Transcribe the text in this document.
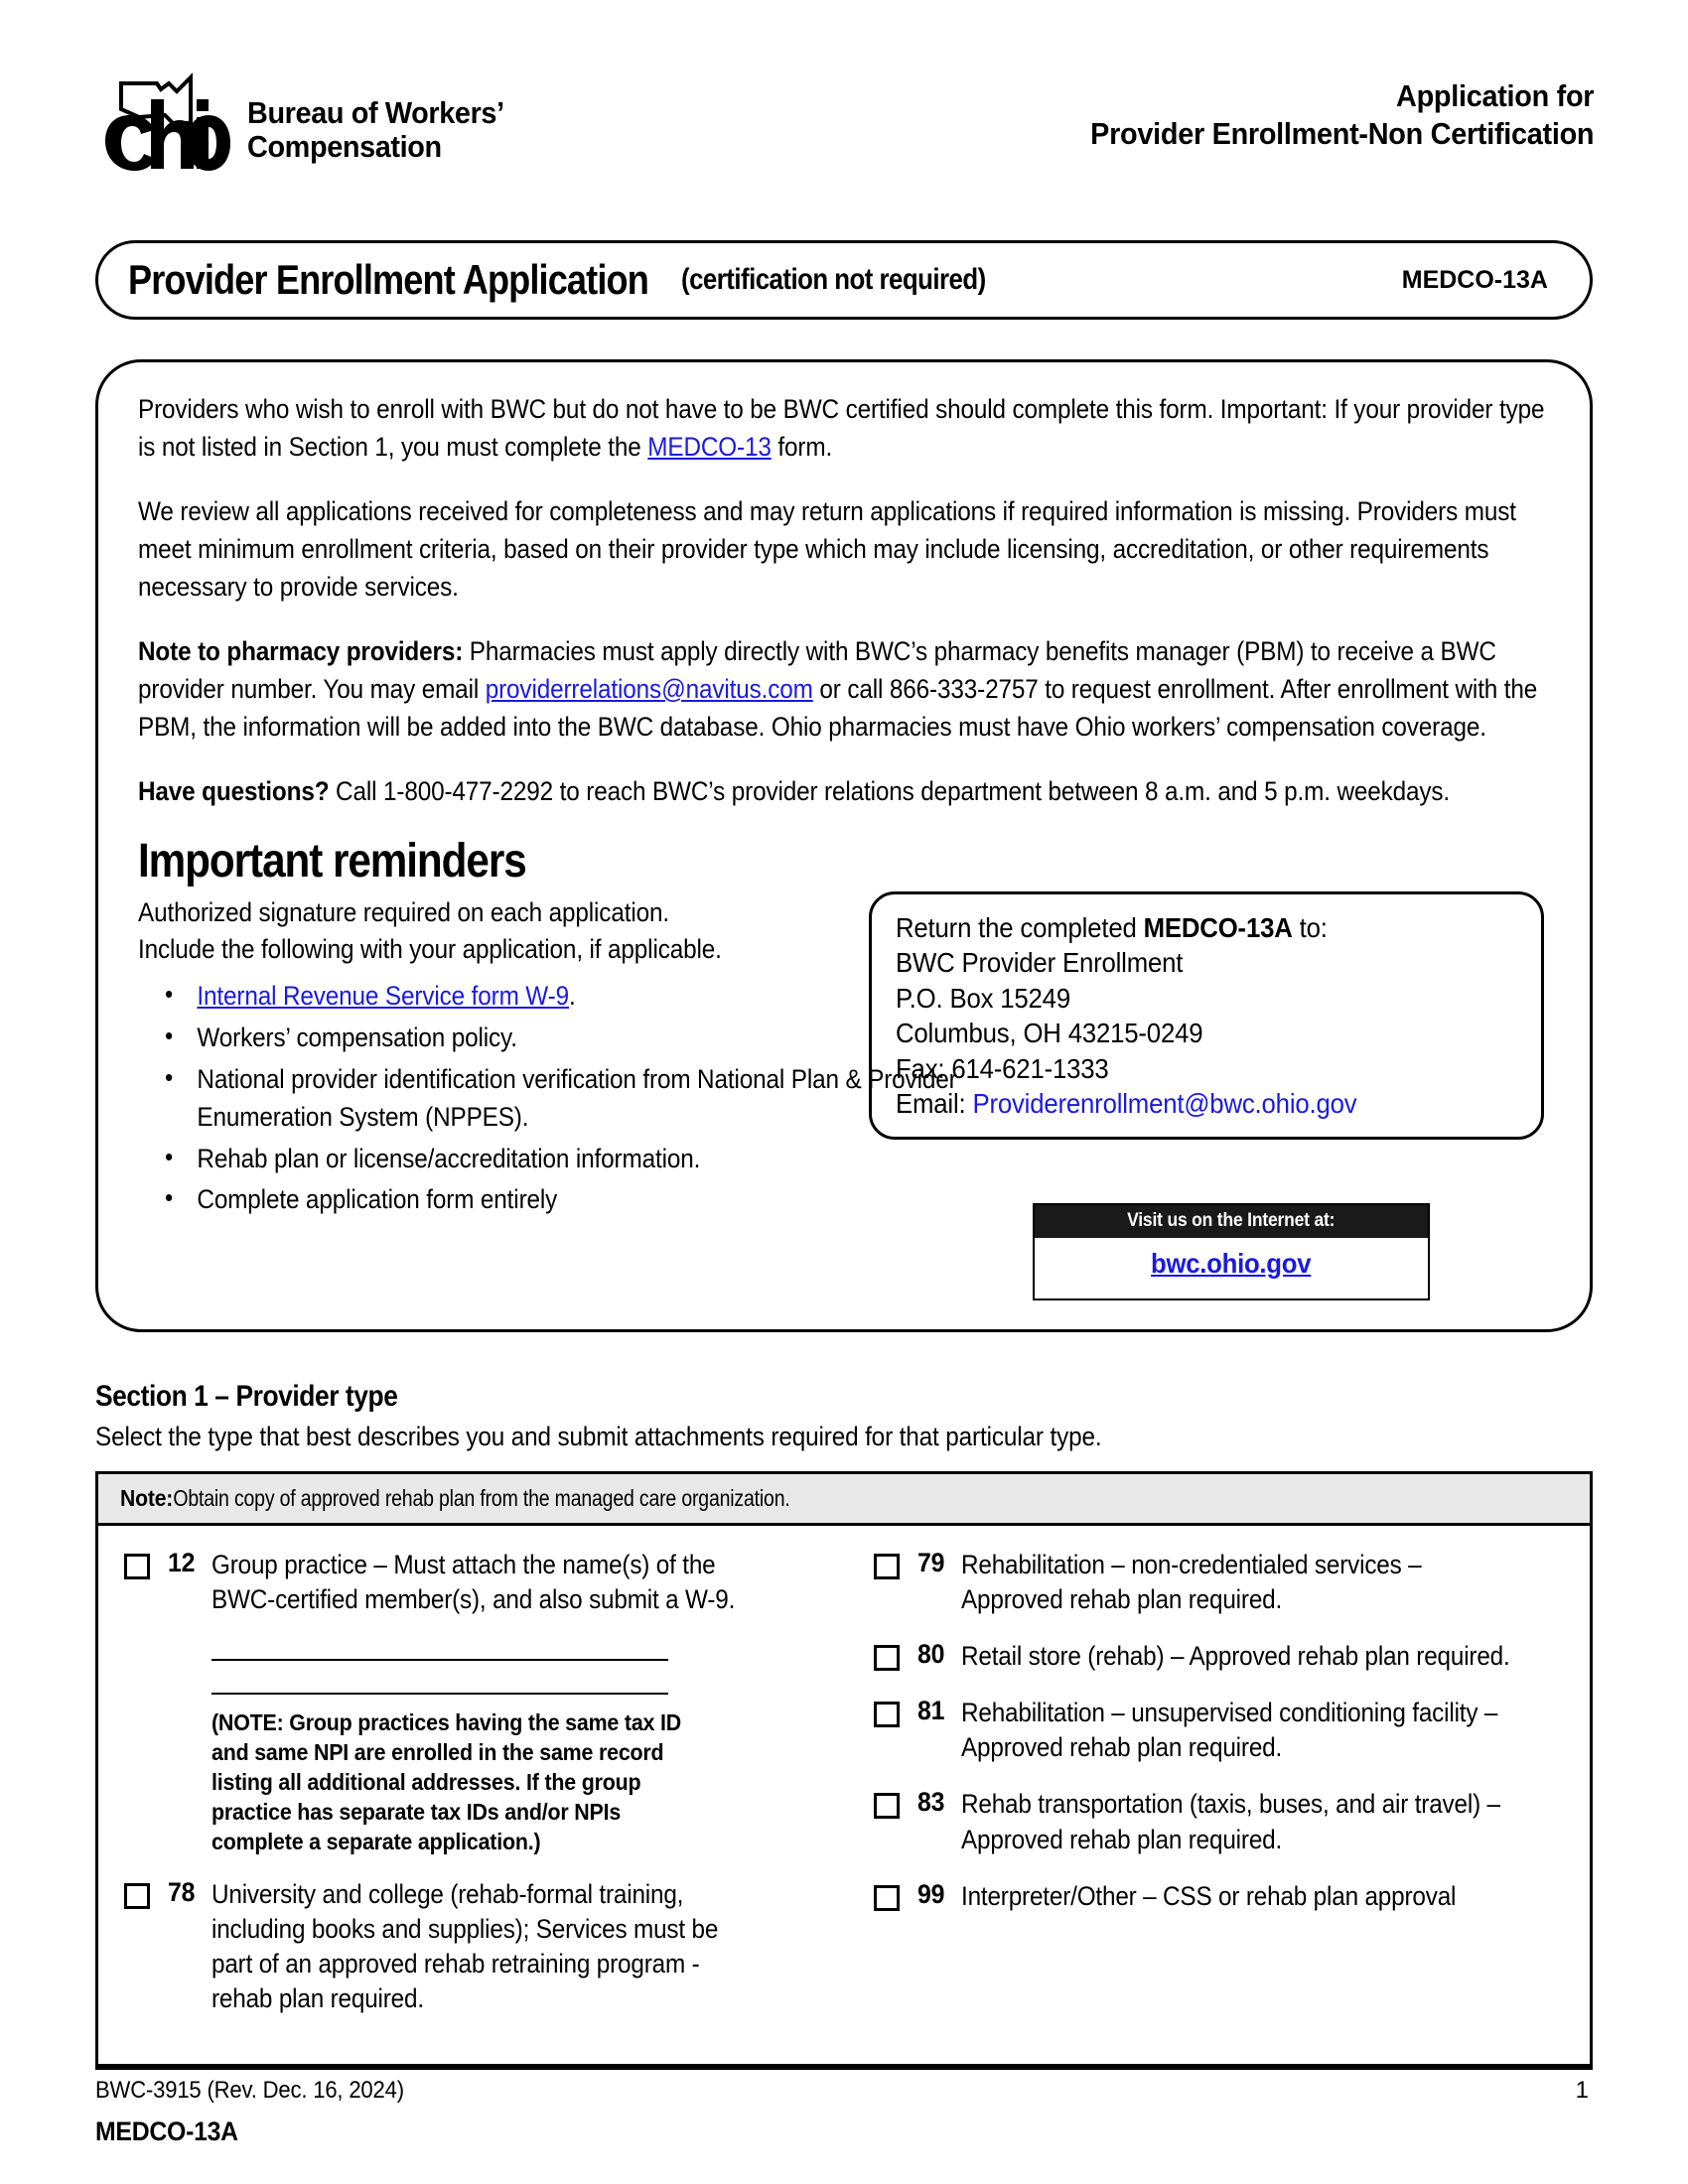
Bureau of Workers’
Compensation
Application for
Provider Enrollment-Non Certification
Provider Enrollment Application (certification not required)	MEDCO-13A

Providers who wish to enroll with BWC but do not have to be BWC certified should complete this form. Important: If your provider type is not listed in Section 1, you must complete the MEDCO-13 form.

We review all applications received for completeness and may return applications if required information is missing. Providers must meet minimum enrollment criteria, based on their provider type which may include licensing, accreditation, or other requirements necessary to provide services.

Note to pharmacy providers: Pharmacies must apply directly with BWC’s pharmacy benefits manager (PBM) to receive a BWC provider number. You may email providerrelations@navitus.com or call 866-333-2757 to request enrollment. After enrollment with the PBM, the information will be added into the BWC database. Ohio pharmacies must have Ohio workers’ compensation coverage.

Have questions? Call 1-800-477-2292 to reach BWC’s provider relations department between 8 a.m. and 5 p.m. weekdays.

Important reminders
Authorized signature required on each application.
Include the following with your application, if applicable.
• Internal Revenue Service form W-9.
• Workers’ compensation policy.
• National provider identification verification from National Plan & Provider Enumeration System (NPPES).
• Rehab plan or license/accreditation information.
• Complete application form entirely
Return the completed MEDCO-13A to:
BWC Provider Enrollment
P.O. Box 15249
Columbus, OH 43215-0249
Fax: 614-621-1333
Email: Providerenrollment@bwc.ohio.gov
Visit us on the Internet at:
bwc.ohio.gov
Section 1 – Provider type
Select the type that best describes you and submit attachments required for that particular type.
Note:Obtain copy of approved rehab plan from the managed care organization.
12 Group practice – Must attach the name(s) of the BWC-certified member(s), and also submit a W-9.
(NOTE: Group practices having the same tax ID and same NPI are enrolled in the same record listing all additional addresses. If the group practice has separate tax IDs and/or NPIs complete a separate application.)
78 University and college (rehab-formal training, including books and supplies); Services must be part of an approved rehab retraining program - rehab plan required.
79 Rehabilitation – non-credentialed services – Approved rehab plan required.
80 Retail store (rehab) – Approved rehab plan required.
81 Rehabilitation – unsupervised conditioning facility – Approved rehab plan required.
83 Rehab transportation (taxis, buses, and air travel) – Approved rehab plan required.
99 Interpreter/Other – CSS or rehab plan approval
BWC-3915 (Rev. Dec. 16, 2024)	1
MEDCO-13A
